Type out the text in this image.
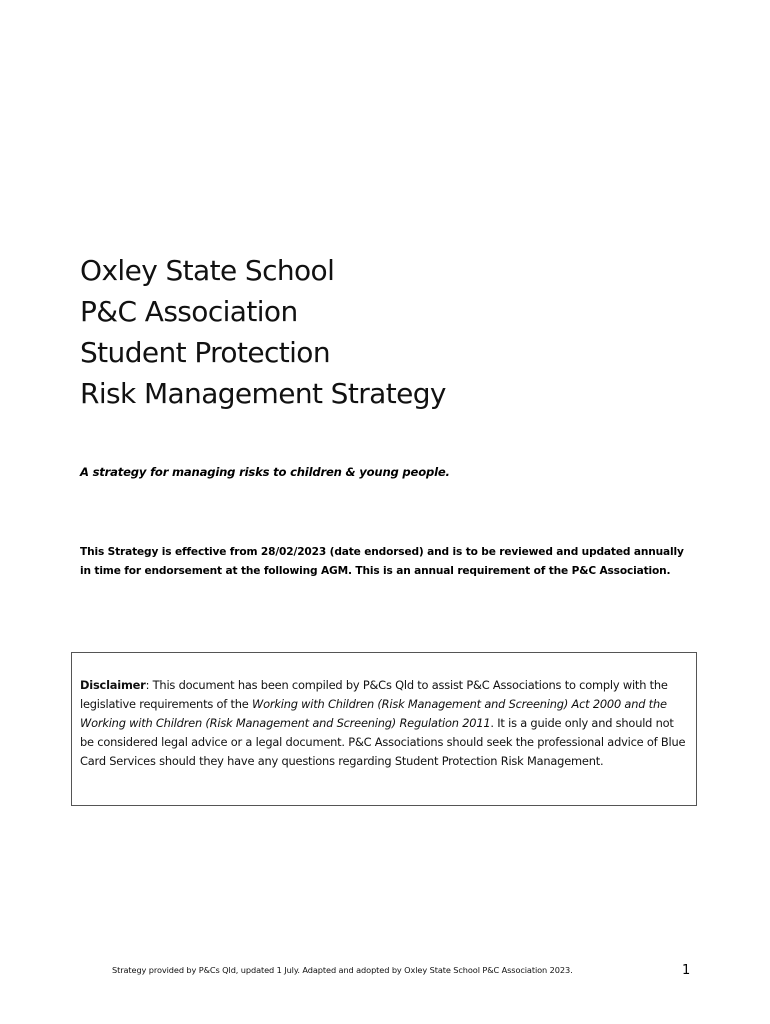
Oxley State School
P&C Association
Student Protection
Risk Management Strategy
A strategy for managing risks to children & young people.
This Strategy is effective from 28/02/2023 (date endorsed) and is to be reviewed and updated annually in time for endorsement at the following AGM. This is an annual requirement of the P&C Association.
Disclaimer: This document has been compiled by P&Cs Qld to assist P&C Associations to comply with the legislative requirements of the Working with Children (Risk Management and Screening) Act 2000 and the Working with Children (Risk Management and Screening) Regulation 2011. It is a guide only and should not be considered legal advice or a legal document. P&C Associations should seek the professional advice of Blue Card Services should they have any questions regarding Student Protection Risk Management.
Strategy provided by P&Cs Qld, updated 1 July. Adapted and adopted by Oxley State School P&C Association 2023.	1
